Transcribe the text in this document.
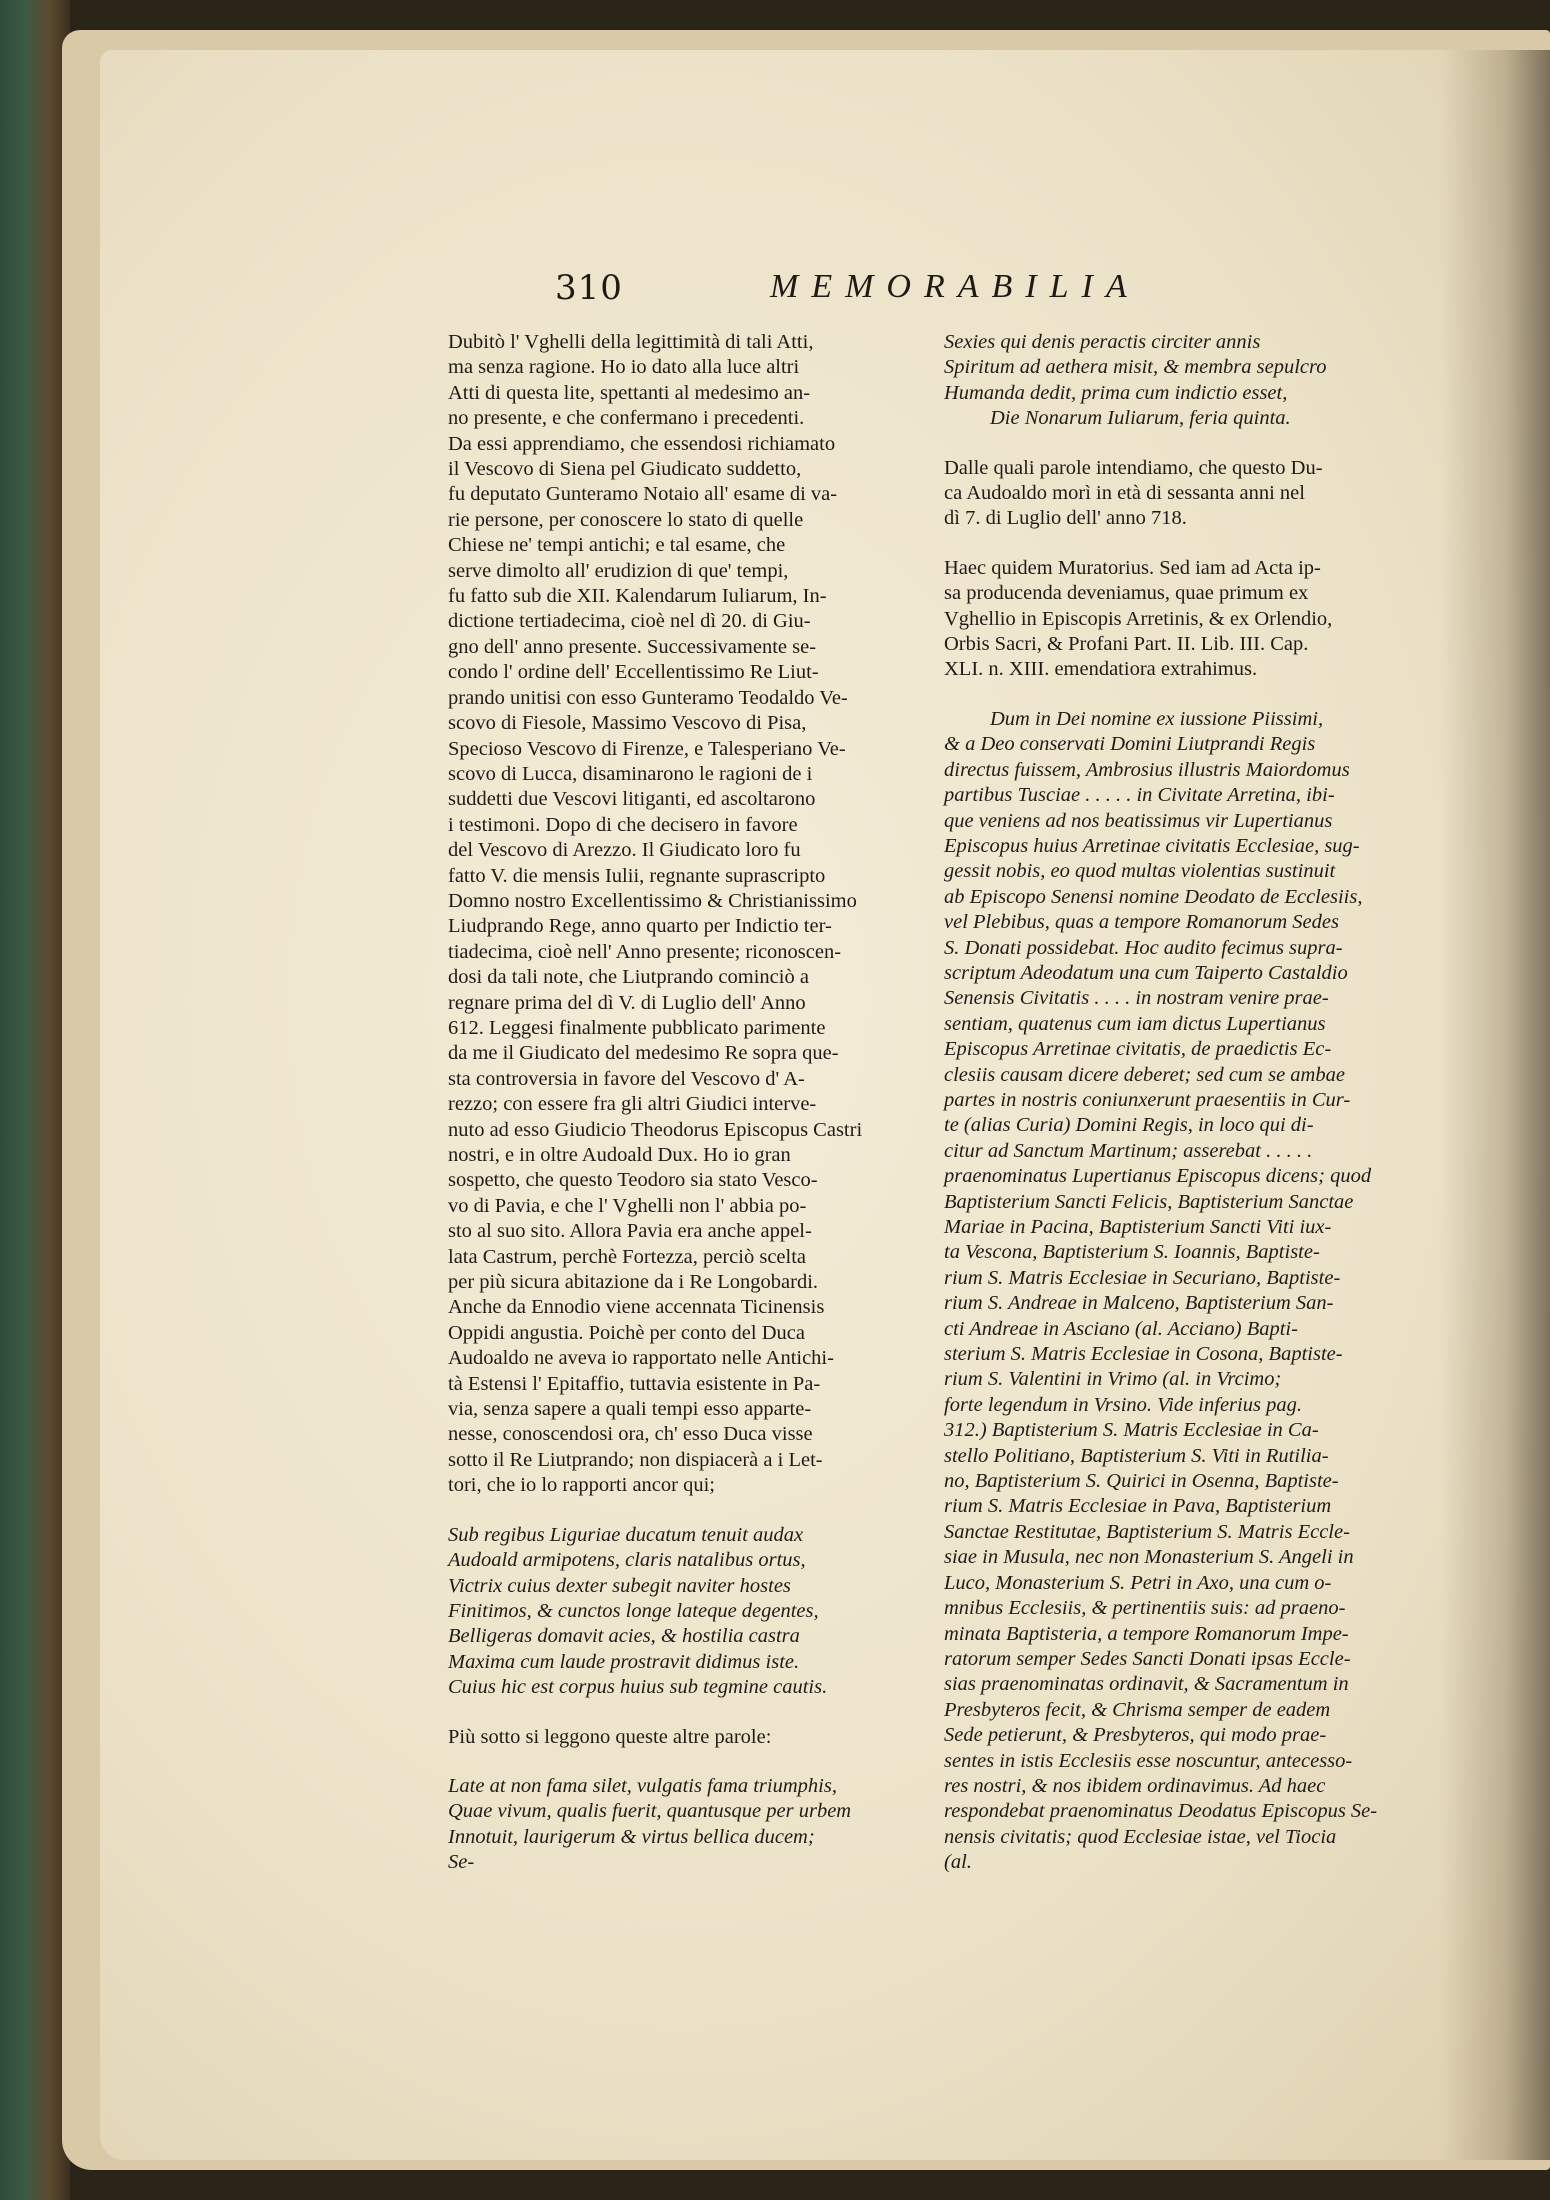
310	MEMORABILIA

Dubitò l' Vghelli della legittimità di tali Atti,

ma senza ragione. Ho io dato alla luce altri

Atti di questa lite, spettanti al medesimo an-

no presente, e che confermano i precedenti.

Da essi apprendiamo, che essendosi richiamato

il Vescovo di Siena pel Giudicato suddetto,

fu deputato Gunteramo Notaio all' esame di va-

rie persone, per conoscere lo stato di quelle

Chiese ne' tempi antichi; e tal esame, che

serve dimolto all' erudizion di que' tempi,

fu fatto sub die XII. Kalendarum Iuliarum, In-

dictione tertiadecima, cioè nel dì 20. di Giu-

gno dell' anno presente. Successivamente se-

condo l' ordine dell' Eccellentissimo Re Liut-

prando unitisi con esso Gunteramo Teodaldo Ve-

scovo di Fiesole, Massimo Vescovo di Pisa,

Specioso Vescovo di Firenze, e Talesperiano Ve-

scovo di Lucca, disaminarono le ragioni de i

suddetti due Vescovi litiganti, ed ascoltarono

i testimoni. Dopo di che decisero in favore

del Vescovo di Arezzo. Il Giudicato loro fu

fatto V. die mensis Iulii, regnante suprascripto

Domno nostro Excellentissimo & Christianissimo

Liudprando Rege, anno quarto per Indictio ter-

tiadecima, cioè nell' Anno presente; riconoscen-

dosi da tali note, che Liutprando cominciò a

regnare prima del dì V. di Luglio dell' Anno

612. Leggesi finalmente pubblicato parimente

da me il Giudicato del medesimo Re sopra que-

sta controversia in favore del Vescovo d' A-

rezzo; con essere fra gli altri Giudici interve-

nuto ad esso Giudicio Theodorus Episcopus Castri

nostri, e in oltre Audoald Dux. Ho io gran

sospetto, che questo Teodoro sia stato Vesco-

vo di Pavia, e che l' Vghelli non l' abbia po-

sto al suo sito. Allora Pavia era anche appel-

lata Castrum, perchè Fortezza, perciò scelta

per più sicura abitazione da i Re Longobardi.

Anche da Ennodio viene accennata Ticinensis

Oppidi angustia. Poichè per conto del Duca

Audoaldo ne aveva io rapportato nelle Antichi-

tà Estensi l' Epitaffio, tuttavia esistente in Pa-

via, senza sapere a quali tempi esso apparte-

nesse, conoscendosi ora, ch' esso Duca visse

sotto il Re Liutprando; non dispiacerà a i Let-

tori, che io lo rapporti ancor qui;

Sub regibus Liguriae ducatum tenuit audax

Audoald armipotens, claris natalibus ortus,

Victrix cuius dexter subegit naviter hostes

Finitimos, & cunctos longe lateque degentes,

Belligeras domavit acies, & hostilia castra

Maxima cum laude prostravit didimus iste.

Cuius hic est corpus huius sub tegmine cautis.

Più sotto si leggono queste altre parole:

Late at non fama silet, vulgatis fama triumphis,

Quae vivum, qualis fuerit, quantusque per urbem

Innotuit, laurigerum & virtus bellica ducem;

Se-

Sexies qui denis peractis circiter annis

Spiritum ad aethera misit, & membra sepulcro

Humanda dedit, prima cum indictio esset,

Die Nonarum Iuliarum, feria quinta.

Dalle quali parole intendiamo, che questo Du-

ca Audoaldo morì in età di sessanta anni nel

dì 7. di Luglio dell' anno 718.

Haec quidem Muratorius. Sed iam ad Acta ip-

sa producenda deveniamus, quae primum ex

Vghellio in Episcopis Arretinis, & ex Orlendio,

Orbis Sacri, & Profani Part. II. Lib. III. Cap.

XLI. n. XIII. emendatiora extrahimus.

Dum in Dei nomine ex iussione Piissimi,

& a Deo conservati Domini Liutprandi Regis

directus fuissem, Ambrosius illustris Maiordomus

partibus Tusciae . . . . . in Civitate Arretina, ibi-

que veniens ad nos beatissimus vir Lupertianus

Episcopus huius Arretinae civitatis Ecclesiae, sug-

gessit nobis, eo quod multas violentias sustinuit

ab Episcopo Senensi nomine Deodato de Ecclesiis,

vel Plebibus, quas a tempore Romanorum Sedes

S. Donati possidebat. Hoc audito fecimus supra-

scriptum Adeodatum una cum Taiperto Castaldio

Senensis Civitatis . . . . in nostram venire prae-

sentiam, quatenus cum iam dictus Lupertianus

Episcopus Arretinae civitatis, de praedictis Ec-

clesiis causam dicere deberet; sed cum se ambae

partes in nostris coniunxerunt praesentiis in Cur-

te (alias Curia) Domini Regis, in loco qui di-

citur ad Sanctum Martinum; asserebat . . . . .

praenominatus Lupertianus Episcopus dicens; quod

Baptisterium Sancti Felicis, Baptisterium Sanctae

Mariae in Pacina, Baptisterium Sancti Viti iux-

ta Vescona, Baptisterium S. Ioannis, Baptiste-

rium S. Matris Ecclesiae in Securiano, Baptiste-

rium S. Andreae in Malceno, Baptisterium San-

cti Andreae in Asciano (al. Acciano) Bapti-

sterium S. Matris Ecclesiae in Cosona, Baptiste-

rium S. Valentini in Vrimo (al. in Vrcimo;

forte legendum in Vrsino. Vide inferius pag.

312.) Baptisterium S. Matris Ecclesiae in Ca-

stello Politiano, Baptisterium S. Viti in Rutilia-

no, Baptisterium S. Quirici in Osenna, Baptiste-

rium S. Matris Ecclesiae in Pava, Baptisterium

Sanctae Restitutae, Baptisterium S. Matris Eccle-

siae in Musula, nec non Monasterium S. Angeli in

Luco, Monasterium S. Petri in Axo, una cum o-

mnibus Ecclesiis, & pertinentiis suis: ad praeno-

minata Baptisteria, a tempore Romanorum Impe-

ratorum semper Sedes Sancti Donati ipsas Eccle-

sias praenominatas ordinavit, & Sacramentum in

Presbyteros fecit, & Chrisma semper de eadem

Sede petierunt, & Presbyteros, qui modo prae-

sentes in istis Ecclesiis esse noscuntur, antecesso-

res nostri, & nos ibidem ordinavimus. Ad haec

respondebat praenominatus Deodatus Episcopus Se-

nensis civitatis; quod Ecclesiae istae, vel Tiocia

(al.
